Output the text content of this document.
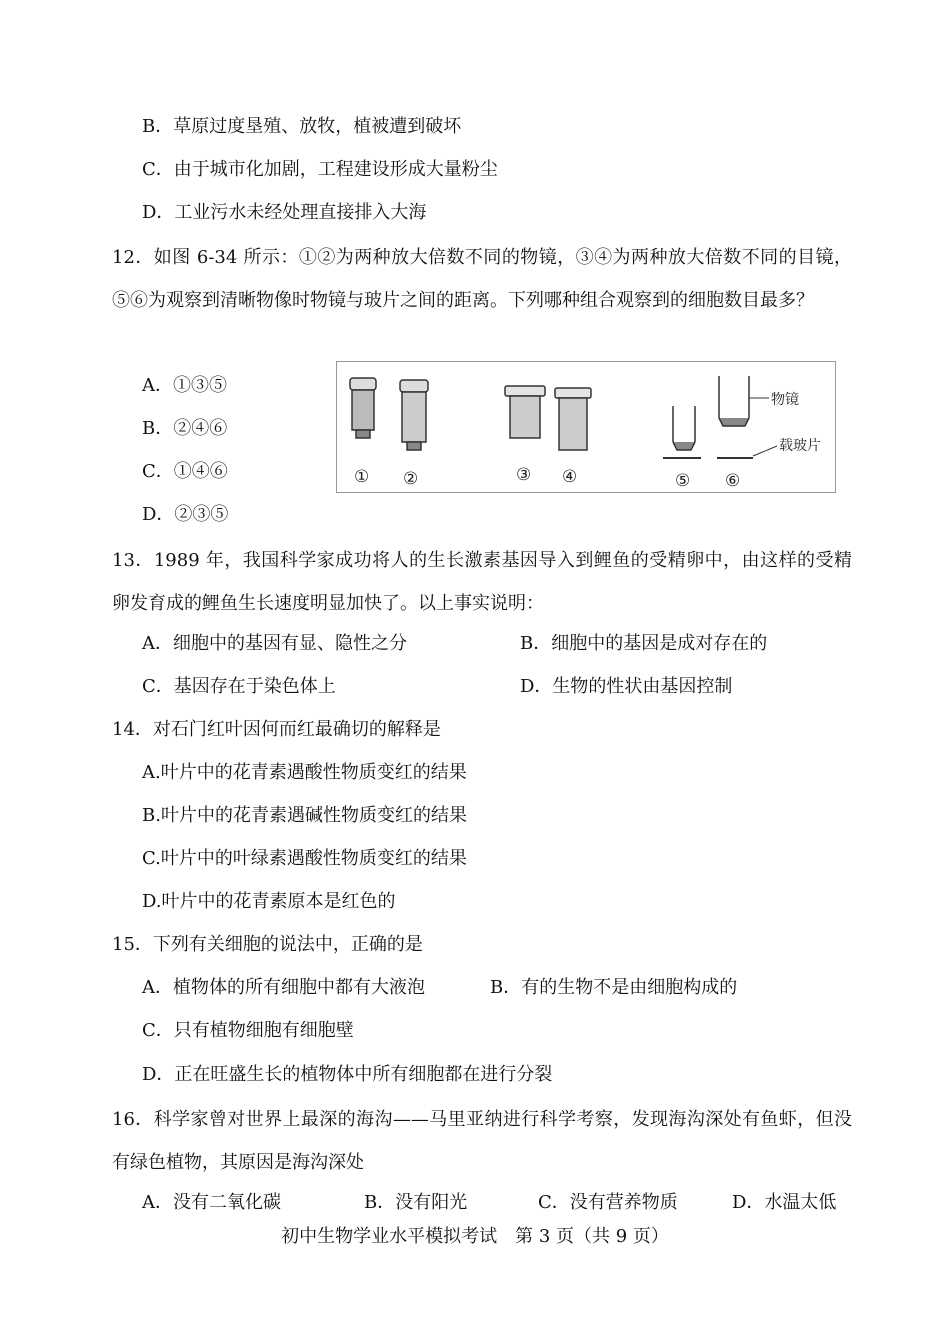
B．草原过度垦殖、放牧，植被遭到破坏
C．由于城市化加剧，工程建设形成大量粉尘
D．工业污水未经处理直接排入大海
12．如图 6-34 所示：①②为两种放大倍数不同的物镜，③④为两种放大倍数不同的目镜，⑤⑥为观察到清晰物像时物镜与玻片之间的距离。下列哪种组合观察到的细胞数目最多？
A．①③⑤
B．②④⑥
C．①④⑥
D．②③⑤
物镜
载玻片
① ②	③ ④	⑤ ⑥
13．1989 年，我国科学家成功将人的生长激素基因导入到鲤鱼的受精卵中，由这样的受精卵发育成的鲤鱼生长速度明显加快了。以上事实说明：
A．细胞中的基因有显、隐性之分	B．细胞中的基因是成对存在的
C．基因存在于染色体上	D．生物的性状由基因控制
14．对石门红叶因何而红最确切的解释是
A.叶片中的花青素遇酸性物质变红的结果
B.叶片中的花青素遇碱性物质变红的结果
C.叶片中的叶绿素遇酸性物质变红的结果
D.叶片中的花青素原本是红色的
15．下列有关细胞的说法中，正确的是
A．植物体的所有细胞中都有大液泡	B．有的生物不是由细胞构成的
C．只有植物细胞有细胞壁
D．正在旺盛生长的植物体中所有细胞都在进行分裂
16．科学家曾对世界上最深的海沟——马里亚纳进行科学考察，发现海沟深处有鱼虾，但没有绿色植物，其原因是海沟深处
A．没有二氧化碳	B．没有阳光	C．没有营养物质	D．水温太低
初中生物学业水平模拟考试　第 3 页（共 9 页）
